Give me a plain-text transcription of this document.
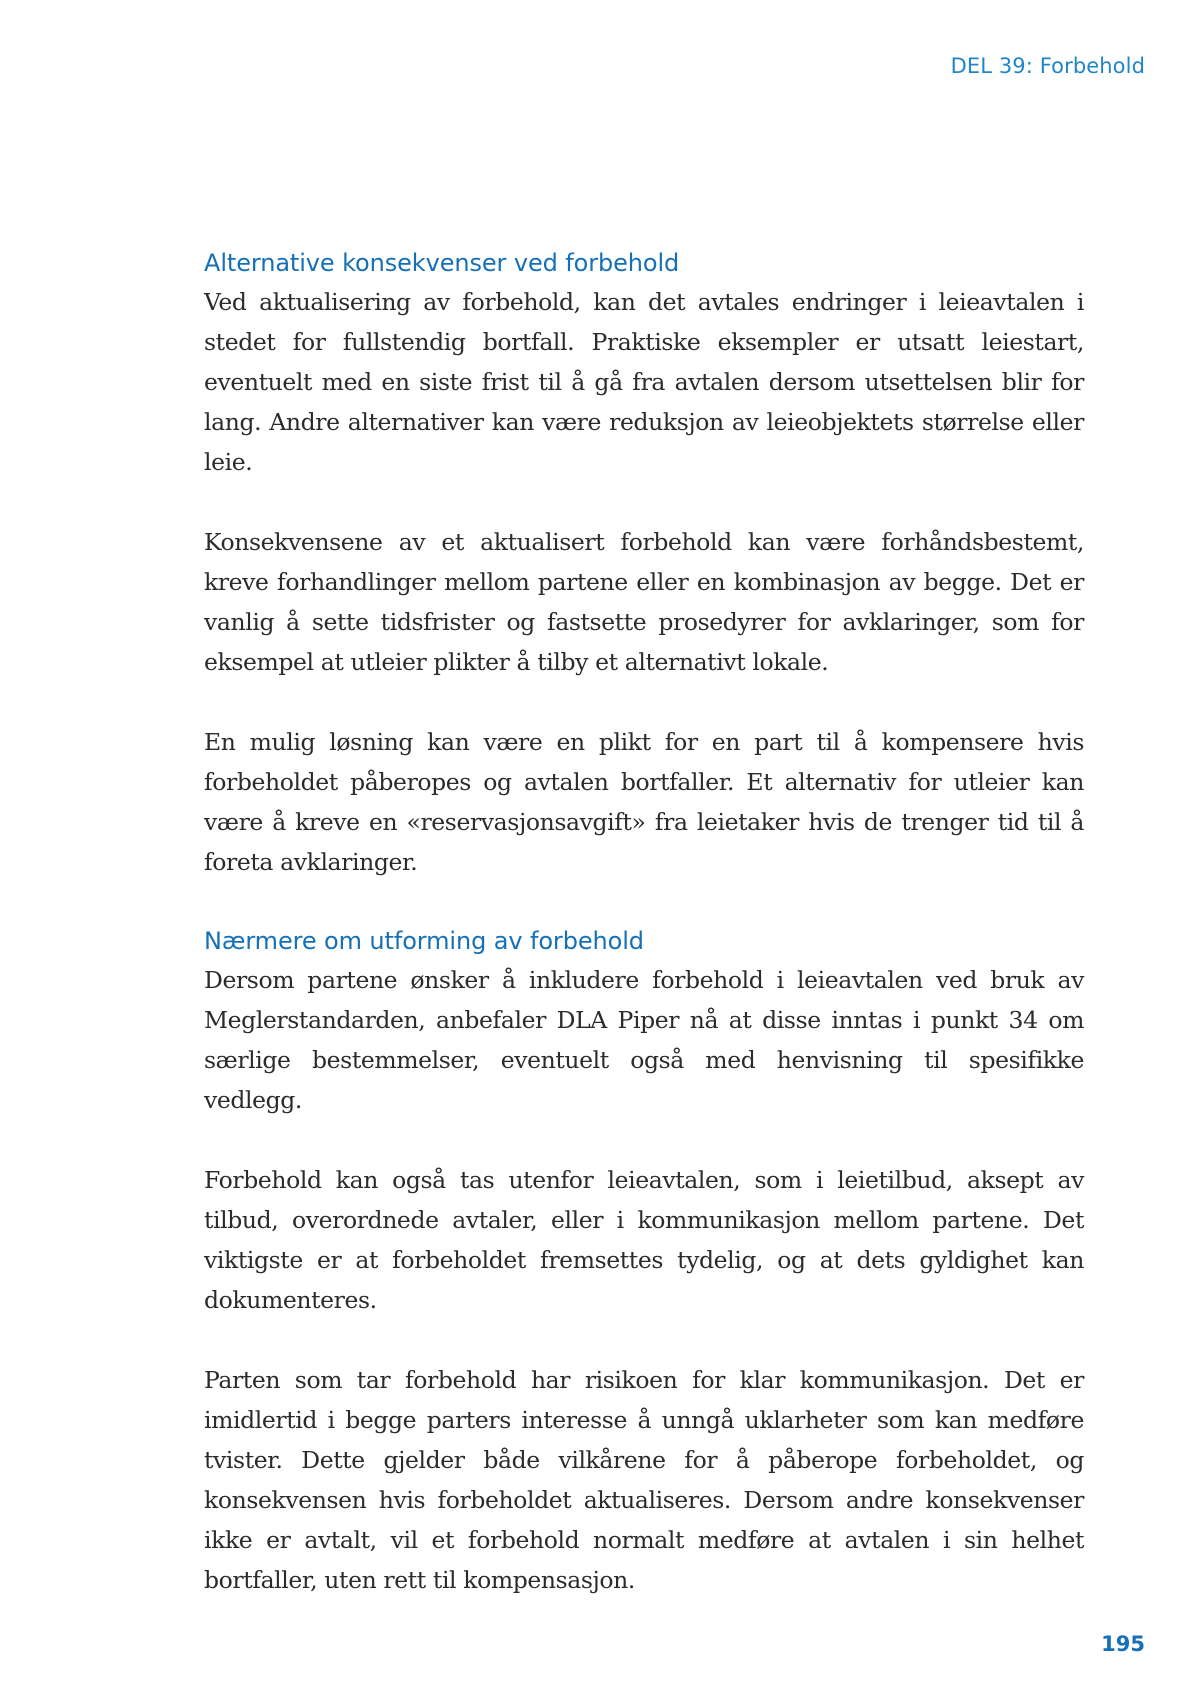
DEL 39: Forbehold
Alternative konsekvenser ved forbehold

Ved aktualisering av forbehold, kan det avtales endringer i leieavtalen i stedet for fullstendig bortfall. Praktiske eksempler er utsatt leiestart, eventuelt med en siste frist til å gå fra avtalen dersom utsettelsen blir for lang. Andre alternativer kan være reduksjon av leieobjektets størrelse eller leie.

Konsekvensene av et aktualisert forbehold kan være forhåndsbestemt, kreve forhandlinger mellom partene eller en kombinasjon av begge. Det er vanlig å sette tidsfrister og fastsette prosedyrer for avklaringer, som for eksempel at utleier plikter å tilby et alternativt lokale.

En mulig løsning kan være en plikt for en part til å kompensere hvis forbeholdet påberopes og avtalen bortfaller. Et alternativ for utleier kan være å kreve en «reservasjonsavgift» fra leietaker hvis de trenger tid til å foreta avklaringer.

Nærmere om utforming av forbehold

Dersom partene ønsker å inkludere forbehold i leieavtalen ved bruk av Meglerstandarden, anbefaler DLA Piper nå at disse inntas i punkt 34 om særlige bestemmelser, eventuelt også med henvisning til spesifikke vedlegg.

Forbehold kan også tas utenfor leieavtalen, som i leietilbud, aksept av tilbud, overordnede avtaler, eller i kommunikasjon mellom partene. Det viktigste er at forbeholdet fremsettes tydelig, og at dets gyldighet kan dokumenteres.

Parten som tar forbehold har risikoen for klar kommunikasjon. Det er imidlertid i begge parters interesse å unngå uklarheter som kan medføre tvister. Dette gjelder både vilkårene for å påberope forbeholdet, og konsekvensen hvis forbeholdet aktualiseres. Dersom andre konsekvenser ikke er avtalt, vil et forbehold normalt medføre at avtalen i sin helhet bortfaller, uten rett til kompensasjon.

195
